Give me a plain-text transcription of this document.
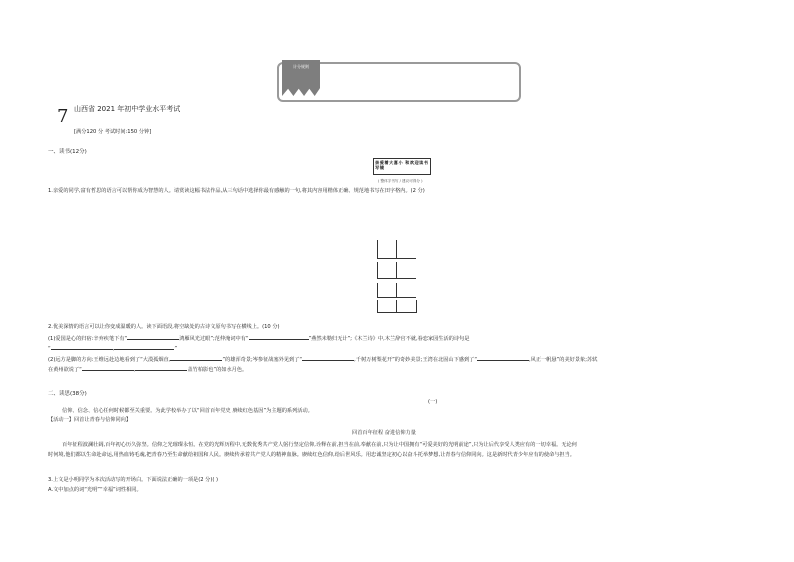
计分规则
7 山西省 2021 年初中学业水平考试
[满分120 分 考试时间:150 分钟]
一、读书(12分)
亲爱着大喜小 和欢迎读书写镜
( 整体字书写 / 建议可得分 )
1.亲爱的同学,富有哲思的语言可以帮你成为智慧的人。请赏读这幅书法作品,从三句话中选择你最有感触的一句,将其内容用楷体正确、规范地书写在田字格内。(2 分)
2.优美深情的语言可以让你变成温暖的人。读下面语段,将空缺处的古诗文原句书写在横线上。(10 分)
(1)爱国是心的归宿:辛弃疾笔下有“	鸿雁风光过眼”;范仲淹词中有“	”燕然未勒归无计”;《木兰诗》中,木兰辞官不就,眷恋家园生活的诗句是
“	,	”
(2)远方是脚的方向:王维远赴边地看到了“大漠孤烟直,	”的雄浑奇景;岑参征战塞外见到了“	,千树万树梨花开”的奇妙美景;王湾在北固山下感到了“	,风正一帆悬”的美好景象;苏轼
在黄州欲说了“	,	盖竹柏影也”的如水月色。
二、读思(38分)
(一)
信仰、信念、信心任何时候都至关重要。为此学校举办了以“回首百年党史 赓续红色基因”为主题的系列活动。
【活动一】回首让青春与信仰同向】
回首百年征程 奋进信仰力量
百年征程波澜壮阔,百年初心历久弥坚。信仰之光璀璨永恒。在党的光辉历程中,无数优秀共产党人躬行坚定信仰,诠释在前,担当在前,奉献在前,只为让中国拥有“可爱美好的光明前途”,只为让后代享受人类应有的一切幸福。无论何
时何境,他们都以生命赴命运,用热血铸毛魂,把青春乃至生命献给祖国和人民。赓续传承着共产党人的精神血脉。赓续红色信仰,给后世风乐。用忠诚坚定初心以奋斗托举梦想,让青春与信仰同向。这是新时代青少年应有的使命与担当。
3.上文是小明同学为本次活动写的开场白。下面说法正确的一项是(2 分)( )
A.文中加点的词“光明”“幸福”词性相同。
